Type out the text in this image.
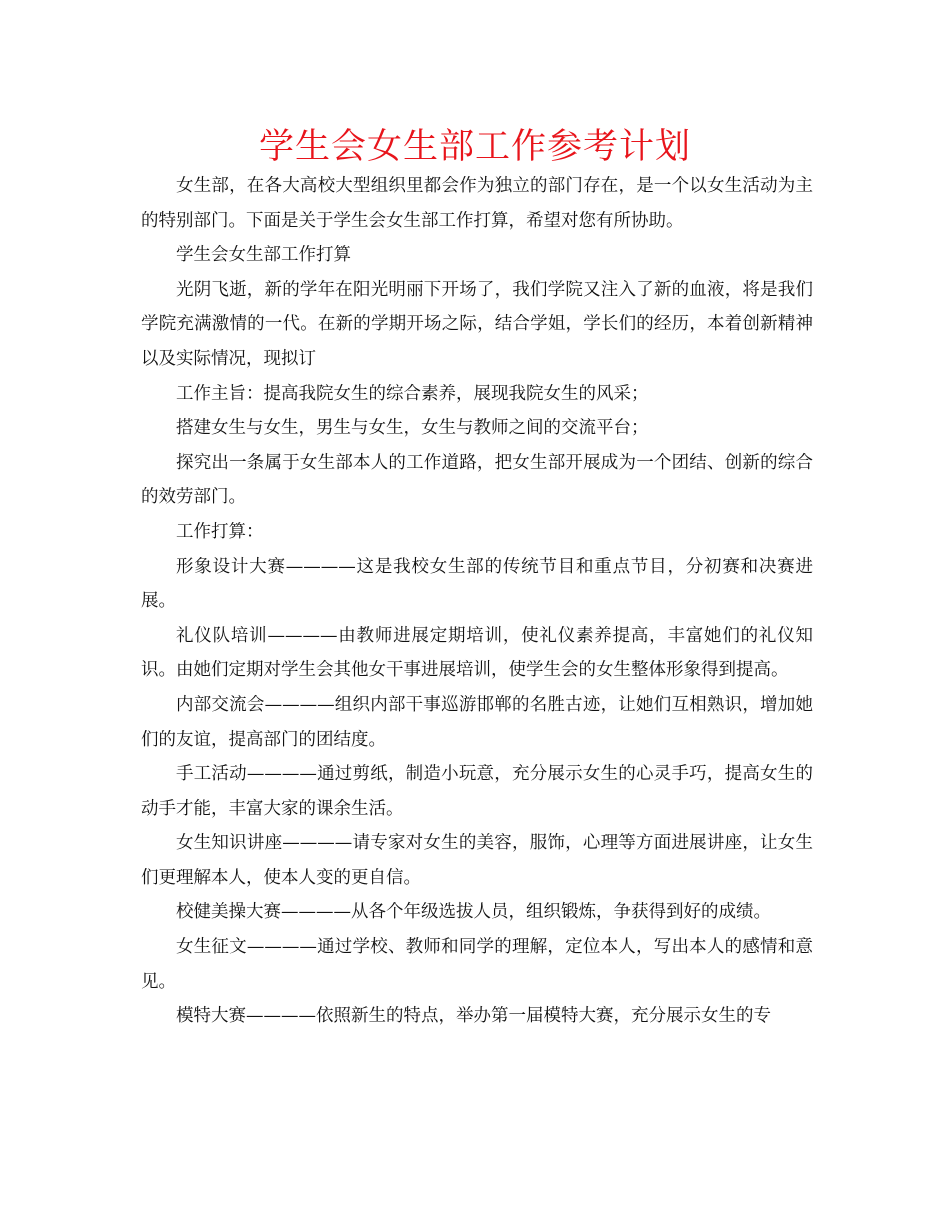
学生会女生部工作参考计划

女生部，在各大高校大型组织里都会作为独立的部门存在，是一个以女生活动为主的特别部门。下面是关于学生会女生部工作打算，希望对您有所协助。

学生会女生部工作打算

光阴飞逝，新的学年在阳光明丽下开场了，我们学院又注入了新的血液，将是我们学院充满激情的一代。在新的学期开场之际，结合学姐，学长们的经历，本着创新精神以及实际情况，现拟订

工作主旨：提高我院女生的综合素养，展现我院女生的风采；

搭建女生与女生，男生与女生，女生与教师之间的交流平台；

探究出一条属于女生部本人的工作道路，把女生部开展成为一个团结、创新的综合的效劳部门。

工作打算：

形象设计大赛————这是我校女生部的传统节目和重点节目，分初赛和决赛进展。

礼仪队培训————由教师进展定期培训，使礼仪素养提高，丰富她们的礼仪知识。由她们定期对学生会其他女干事进展培训，使学生会的女生整体形象得到提高。

内部交流会————组织内部干事巡游邯郸的名胜古迹，让她们互相熟识，增加她们的友谊，提高部门的团结度。

手工活动————通过剪纸，制造小玩意，充分展示女生的心灵手巧，提高女生的动手才能，丰富大家的课余生活。

女生知识讲座————请专家对女生的美容，服饰，心理等方面进展讲座，让女生们更理解本人，使本人变的更自信。

校健美操大赛————从各个年级选拔人员，组织锻炼，争获得到好的成绩。

女生征文————通过学校、教师和同学的理解，定位本人，写出本人的感情和意见。

模特大赛————依照新生的特点，举办第一届模特大赛，充分展示女生的专
